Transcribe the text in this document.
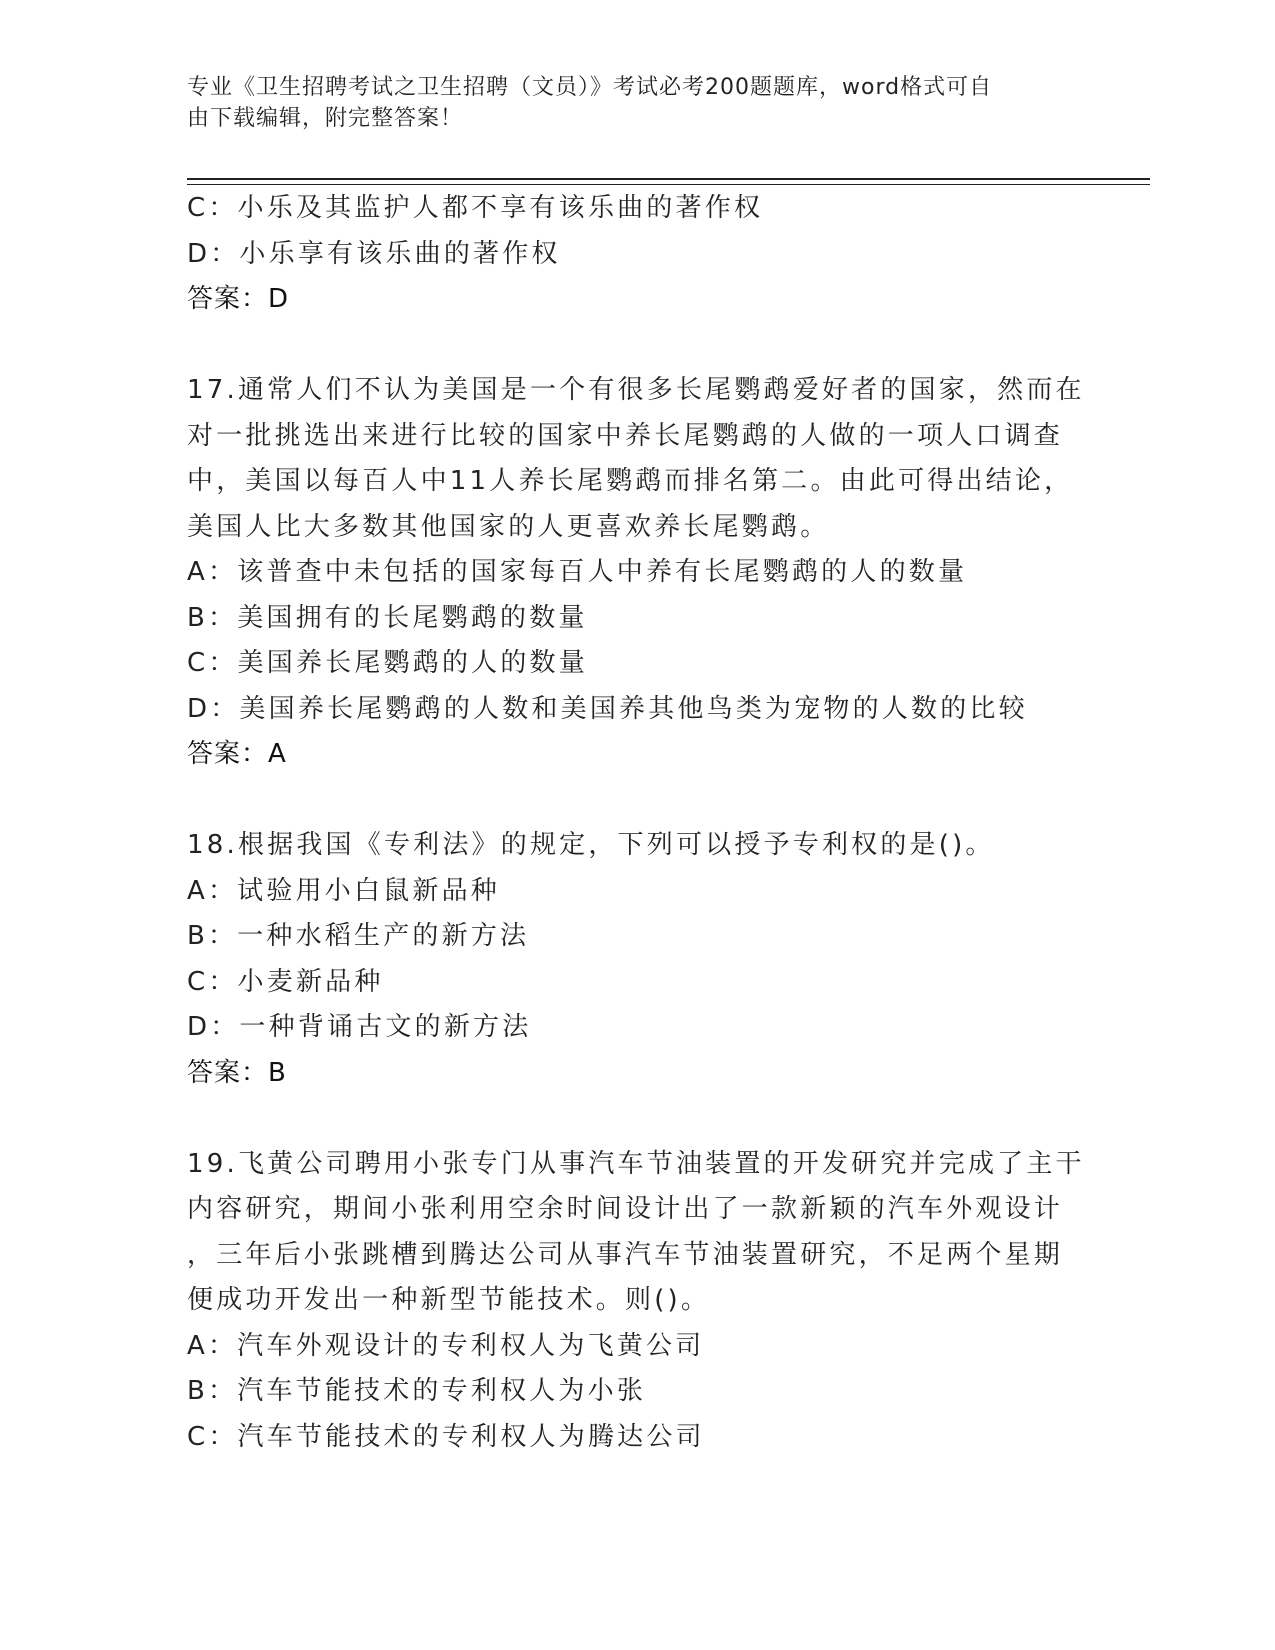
专业《卫生招聘考试之卫生招聘（文员）》考试必考200题题库，word格式可自
由下载编辑，附完整答案！
C：小乐及其监护人都不享有该乐曲的著作权
D：小乐享有该乐曲的著作权
答案：D
17.通常人们不认为美国是一个有很多长尾鹦鹉爱好者的国家，然而在
对一批挑选出来进行比较的国家中养长尾鹦鹉的人做的一项人口调查
中，美国以每百人中11人养长尾鹦鹉而排名第二。由此可得出结论，
美国人比大多数其他国家的人更喜欢养长尾鹦鹉。
A：该普查中未包括的国家每百人中养有长尾鹦鹉的人的数量
B：美国拥有的长尾鹦鹉的数量
C：美国养长尾鹦鹉的人的数量
D：美国养长尾鹦鹉的人数和美国养其他鸟类为宠物的人数的比较
答案：A
18.根据我国《专利法》的规定，下列可以授予专利权的是()。
A：试验用小白鼠新品种
B：一种水稻生产的新方法
C：小麦新品种
D：一种背诵古文的新方法
答案：B
19.飞黄公司聘用小张专门从事汽车节油装置的开发研究并完成了主干
内容研究，期间小张利用空余时间设计出了一款新颖的汽车外观设计
，三年后小张跳槽到腾达公司从事汽车节油装置研究，不足两个星期
便成功开发出一种新型节能技术。则()。
A：汽车外观设计的专利权人为飞黄公司
B：汽车节能技术的专利权人为小张
C：汽车节能技术的专利权人为腾达公司
